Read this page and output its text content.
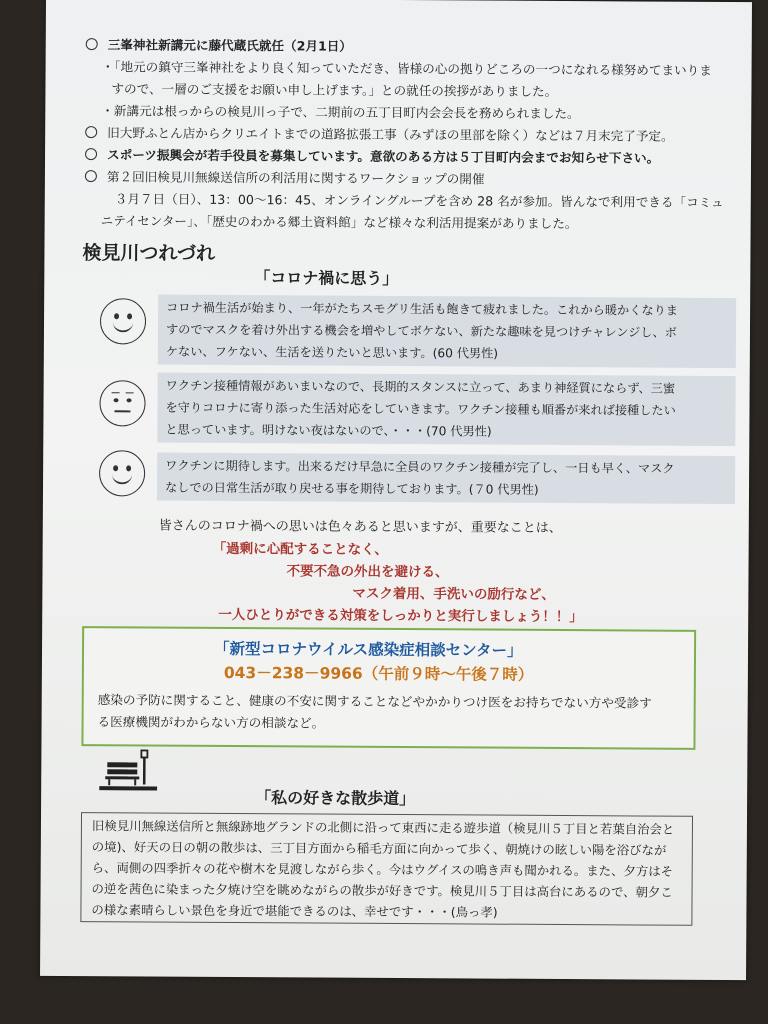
三峯神社新講元に藤代蔵氏就任（2月1日）
・「地元の鎮守三峯神社をより良く知っていただき、皆様の心の拠りどころの一つになれる様努めてまいりま
すので、一層のご支援をお願い申し上げます。」との就任の挨拶がありました。
・新講元は根っからの検見川っ子で、二期前の五丁目町内会会長を務められました。
旧大野ふとん店からクリエイトまでの道路拡張工事（みずほの里部を除く）などは７月末完了予定。
スポーツ振興会が若手役員を募集しています。意欲のある方は５丁目町内会までお知らせ下さい。
第２回旧検見川無線送信所の利活用に関するワークショップの開催
３月７日（日）、13：00～16：45、オンライングループを含め 28 名が参加。皆んなで利用できる「コミュ
ニテイセンター」、「歴史のわかる郷土資料館」など様々な利活用提案がありました。
検見川つれづれ
「コロナ禍に思う」
コロナ禍生活が始まり、一年がたちスモグリ生活も飽きて疲れました。これから暖かくなりま
すのでマスクを着け外出する機会を増やしてボケない、新たな趣味を見つけチャレンジし、ボ
ケない、フケない、生活を送りたいと思います。(60 代男性)
ワクチン接種情報があいまいなので、長期的スタンスに立って、あまり神経質にならず、三蜜
を守りコロナに寄り添った生活対応をしていきます。ワクチン接種も順番が来れば接種したい
と思っています。明けない夜はないので、・・・(70 代男性)
ワクチンに期待します。出来るだけ早急に全員のワクチン接種が完了し、一日も早く、マスク
なしでの日常生活が取り戻せる事を期待しております。(７0 代男性)
皆さんのコロナ禍への思いは色々あると思いますが、重要なことは、
「過剰に心配することなく、
不要不急の外出を避ける、
マスク着用、手洗いの励行など、
一人ひとりができる対策をしっかりと実行しましょう！！」
「新型コロナウイルス感染症相談センター」
043－238－9966（午前９時～午後７時）
感染の予防に関すること、健康の不安に関することなどやかかりつけ医をお持ちでない方や受診す
る医療機関がわからない方の相談など。
「私の好きな散歩道」
旧検見川無線送信所と無線跡地グランドの北側に沿って東西に走る遊歩道（検見川５丁目と若葉自治会と
の境)、好天の日の朝の散歩は、三丁目方面から稲毛方面に向かって歩く、朝焼けの眩しい陽を浴びなが
ら、両側の四季折々の花や樹木を見渡しながら歩く。今はウグイスの鳴き声も聞かれる。また、夕方はそ
の逆を茜色に染まった夕焼け空を眺めながらの散歩が好きです。検見川５丁目は高台にあるので、朝夕こ
の様な素晴らしい景色を身近で堪能できるのは、幸せです・・・(鳥っ孝)
